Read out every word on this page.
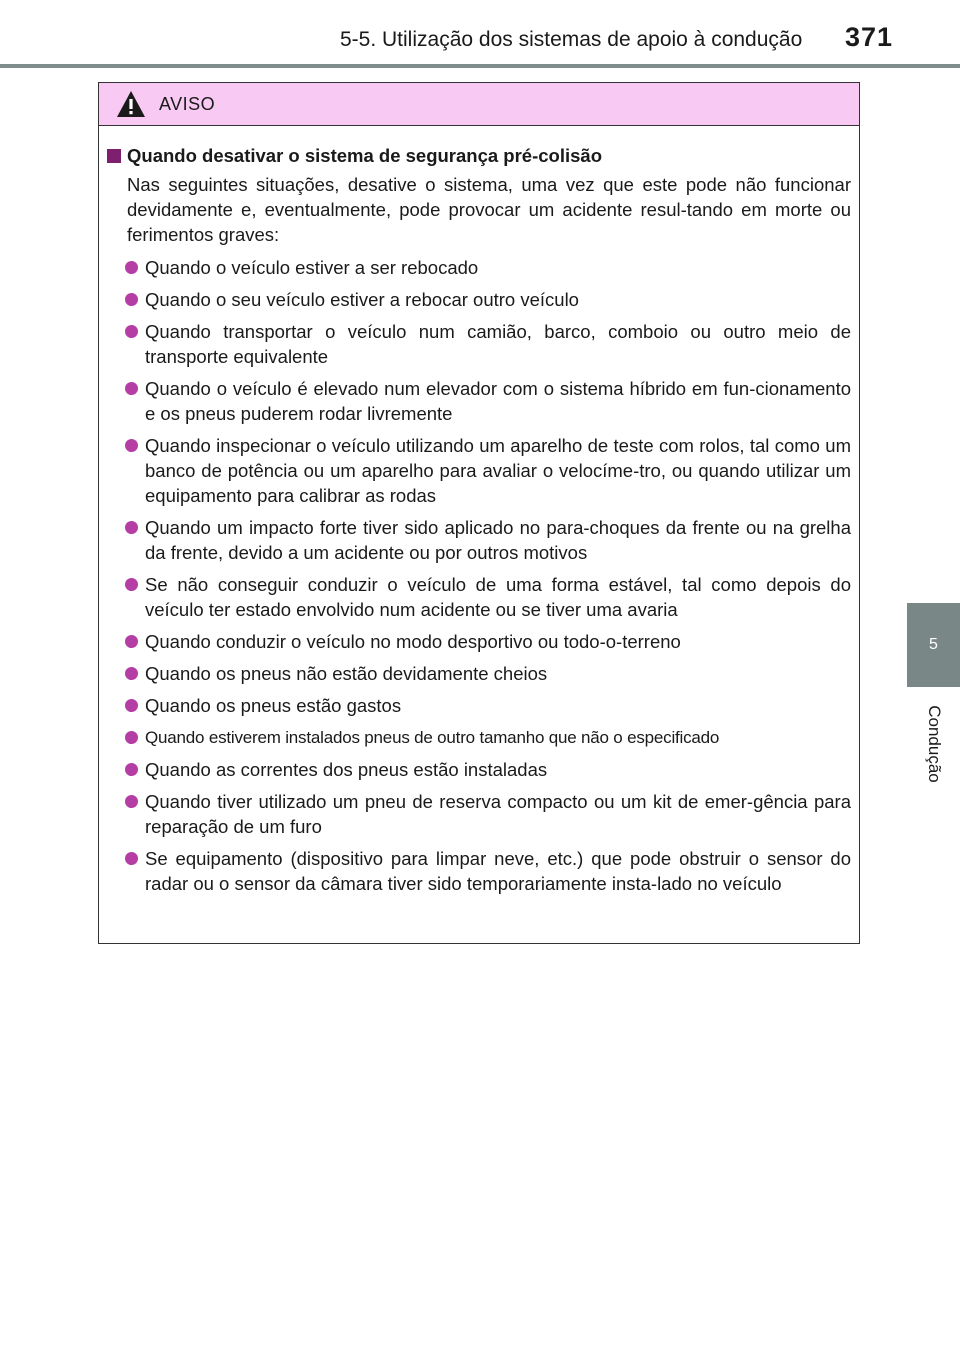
5-5. Utilização dos sistemas de apoio à condução 371
5
Condução
AVISO
Quando desativar o sistema de segurança pré-colisão
Nas seguintes situações, desative o sistema, uma vez que este pode não funcionar devidamente e, eventualmente, pode provocar um acidente resul-tando em morte ou ferimentos graves:
Quando o veículo estiver a ser rebocado
Quando o seu veículo estiver a rebocar outro veículo
Quando transportar o veículo num camião, barco, comboio ou outro meio de transporte equivalente
Quando o veículo é elevado num elevador com o sistema híbrido em fun-cionamento e os pneus puderem rodar livremente
Quando inspecionar o veículo utilizando um aparelho de teste com rolos, tal como um banco de potência ou um aparelho para avaliar o velocíme-tro, ou quando utilizar um equipamento para calibrar as rodas
Quando um impacto forte tiver sido aplicado no para-choques da frente ou na grelha da frente, devido a um acidente ou por outros motivos
Se não conseguir conduzir o veículo de uma forma estável, tal como depois do veículo ter estado envolvido num acidente ou se tiver uma avaria
Quando conduzir o veículo no modo desportivo ou todo-o-terreno
Quando os pneus não estão devidamente cheios
Quando os pneus estão gastos
Quando estiverem instalados pneus de outro tamanho que não o especificado
Quando as correntes dos pneus estão instaladas
Quando tiver utilizado um pneu de reserva compacto ou um kit de emer-gência para reparação de um furo
Se equipamento (dispositivo para limpar neve, etc.) que pode obstruir o sensor do radar ou o sensor da câmara tiver sido temporariamente insta-lado no veículo
